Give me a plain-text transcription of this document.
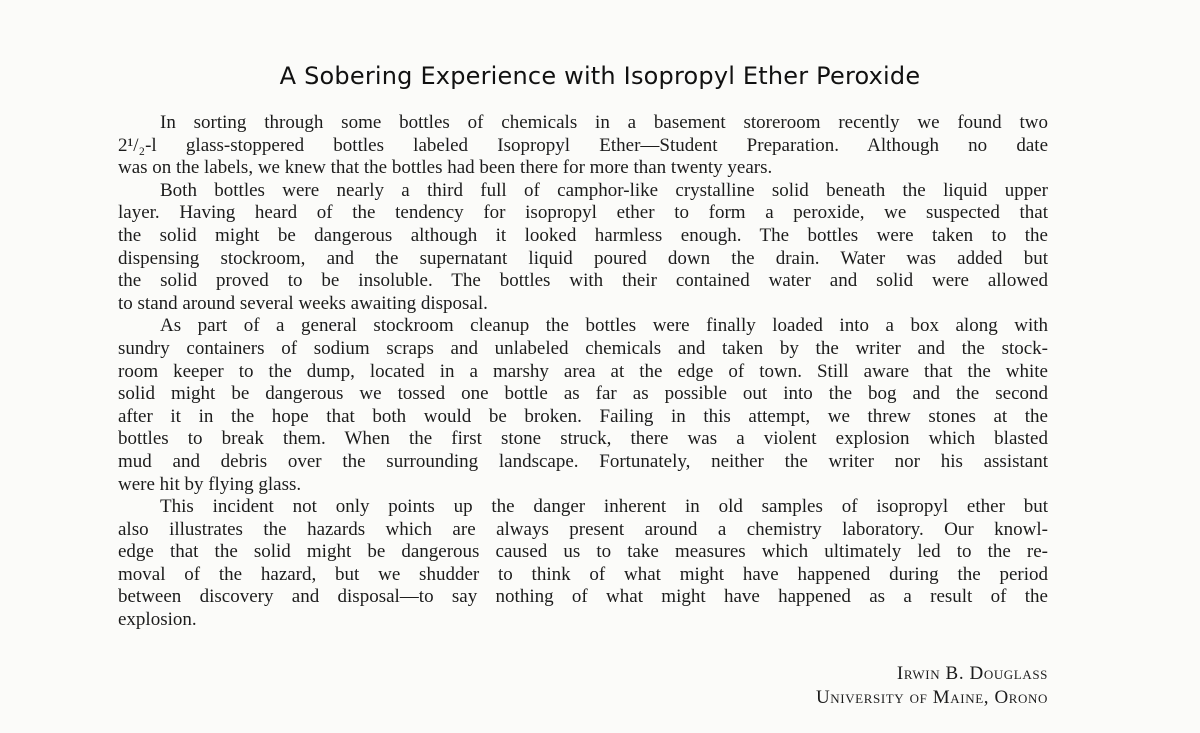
A Sobering Experience with Isopropyl Ether Peroxide

In sorting through some bottles of chemicals in a basement storeroom recently we found two
2¹/₂-l glass-stoppered bottles labeled Isopropyl Ether—Student Preparation. Although no date
was on the labels, we knew that the bottles had been there for more than twenty years.

Both bottles were nearly a third full of camphor-like crystalline solid beneath the liquid upper
layer. Having heard of the tendency for isopropyl ether to form a peroxide, we suspected that
the solid might be dangerous although it looked harmless enough. The bottles were taken to the
dispensing stockroom, and the supernatant liquid poured down the drain. Water was added but
the solid proved to be insoluble. The bottles with their contained water and solid were allowed
to stand around several weeks awaiting disposal.

As part of a general stockroom cleanup the bottles were finally loaded into a box along with
sundry containers of sodium scraps and unlabeled chemicals and taken by the writer and the stock-
room keeper to the dump, located in a marshy area at the edge of town. Still aware that the white
solid might be dangerous we tossed one bottle as far as possible out into the bog and the second
after it in the hope that both would be broken. Failing in this attempt, we threw stones at the
bottles to break them. When the first stone struck, there was a violent explosion which blasted
mud and debris over the surrounding landscape. Fortunately, neither the writer nor his assistant
were hit by flying glass.

This incident not only points up the danger inherent in old samples of isopropyl ether but
also illustrates the hazards which are always present around a chemistry laboratory. Our knowl-
edge that the solid might be dangerous caused us to take measures which ultimately led to the re-
moval of the hazard, but we shudder to think of what might have happened during the period
between discovery and disposal—to say nothing of what might have happened as a result of the
explosion.

Irwin B. Douglass
University of Maine, Orono
